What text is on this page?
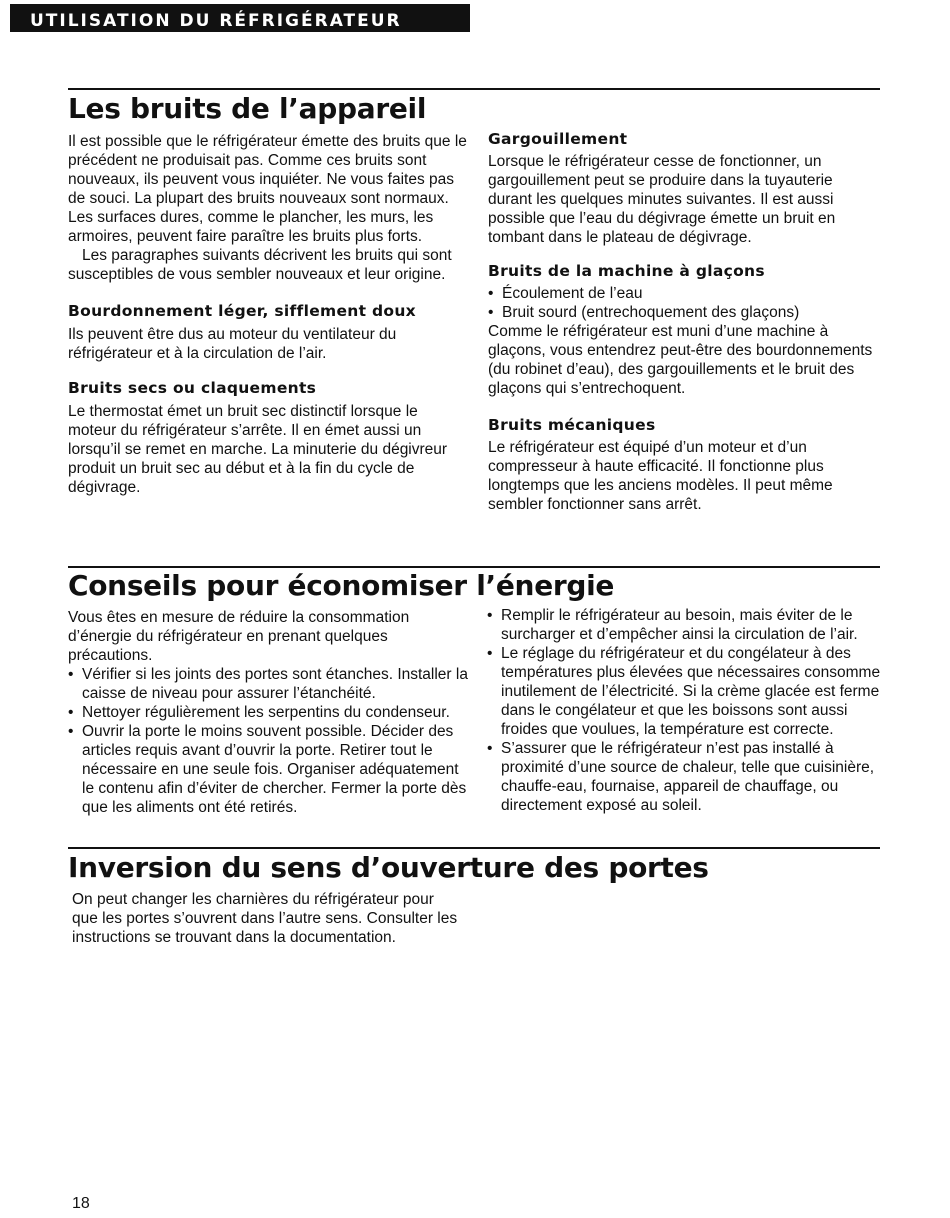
UTILISATION DU RÉFRIGÉRATEUR
Les bruits de l’appareil

Il est possible que le réfrigérateur émette des bruits que le précédent ne produisait pas. Comme ces bruits sont nouveaux, ils peuvent vous inquiéter. Ne vous faites pas de souci. La plupart des bruits nouveaux sont normaux. Les surfaces dures, comme le plancher, les murs, les armoires, peuvent faire paraître les bruits plus forts.

Les paragraphes suivants décrivent les bruits qui sont susceptibles de vous sembler nouveaux et leur origine.

Bourdonnement léger, sifflement doux

Ils peuvent être dus au moteur du ventilateur du réfrigérateur et à la circulation de l’air.

Bruits secs ou claquements

Le thermostat émet un bruit sec distinctif lorsque le moteur du réfrigérateur s’arrête. Il en émet aussi un lorsqu’il se remet en marche. La minuterie du dégivreur produit un bruit sec au début et à la fin du cycle de dégivrage.

Gargouillement

Lorsque le réfrigérateur cesse de fonctionner, un gargouillement peut se produire dans la tuyauterie durant les quelques minutes suivantes. Il est aussi possible que l’eau du dégivrage émette un bruit en tombant dans le plateau de dégivrage.

Bruits de la machine à glaçons
• Écoulement de l’eau
• Bruit sourd (entrechoquement des glaçons)

Comme le réfrigérateur est muni d’une machine à glaçons, vous entendrez peut-être des bourdonnements (du robinet d’eau), des gargouillements et le bruit des glaçons qui s’entrechoquent.

Bruits mécaniques

Le réfrigérateur est équipé d’un moteur et d’un compresseur à haute efficacité. Il fonctionne plus longtemps que les anciens modèles. Il peut même sembler fonctionner sans arrêt.

Conseils pour économiser l’énergie

Vous êtes en mesure de réduire la consommation d’énergie du réfrigérateur en prenant quelques précautions.

• Vérifier si les joints des portes sont étanches. Installer la caisse de niveau pour assurer l’étanchéité.
• Nettoyer régulièrement les serpentins du condenseur.
• Ouvrir la porte le moins souvent possible. Décider des articles requis avant d’ouvrir la porte. Retirer tout le nécessaire en une seule fois. Organiser adéquatement le contenu afin d’éviter de chercher. Fermer la porte dès que les aliments ont été retirés.
• Remplir le réfrigérateur au besoin, mais éviter de le surcharger et d’empêcher ainsi la circulation de l’air.
• Le réglage du réfrigérateur et du congélateur à des températures plus élevées que nécessaires consomme inutilement de l’électricité. Si la crème glacée est ferme dans le congélateur et que les boissons sont aussi froides que voulues, la température est correcte.
• S’assurer que le réfrigérateur n’est pas installé à proximité d’une source de chaleur, telle que cuisinière, chauffe-eau, fournaise, appareil de chauffage, ou directement exposé au soleil.
Inversion du sens d’ouverture des portes

On peut changer les charnières du réfrigérateur pour que les portes s’ouvrent dans l’autre sens. Consulter les instructions se trouvant dans la documentation.

18
